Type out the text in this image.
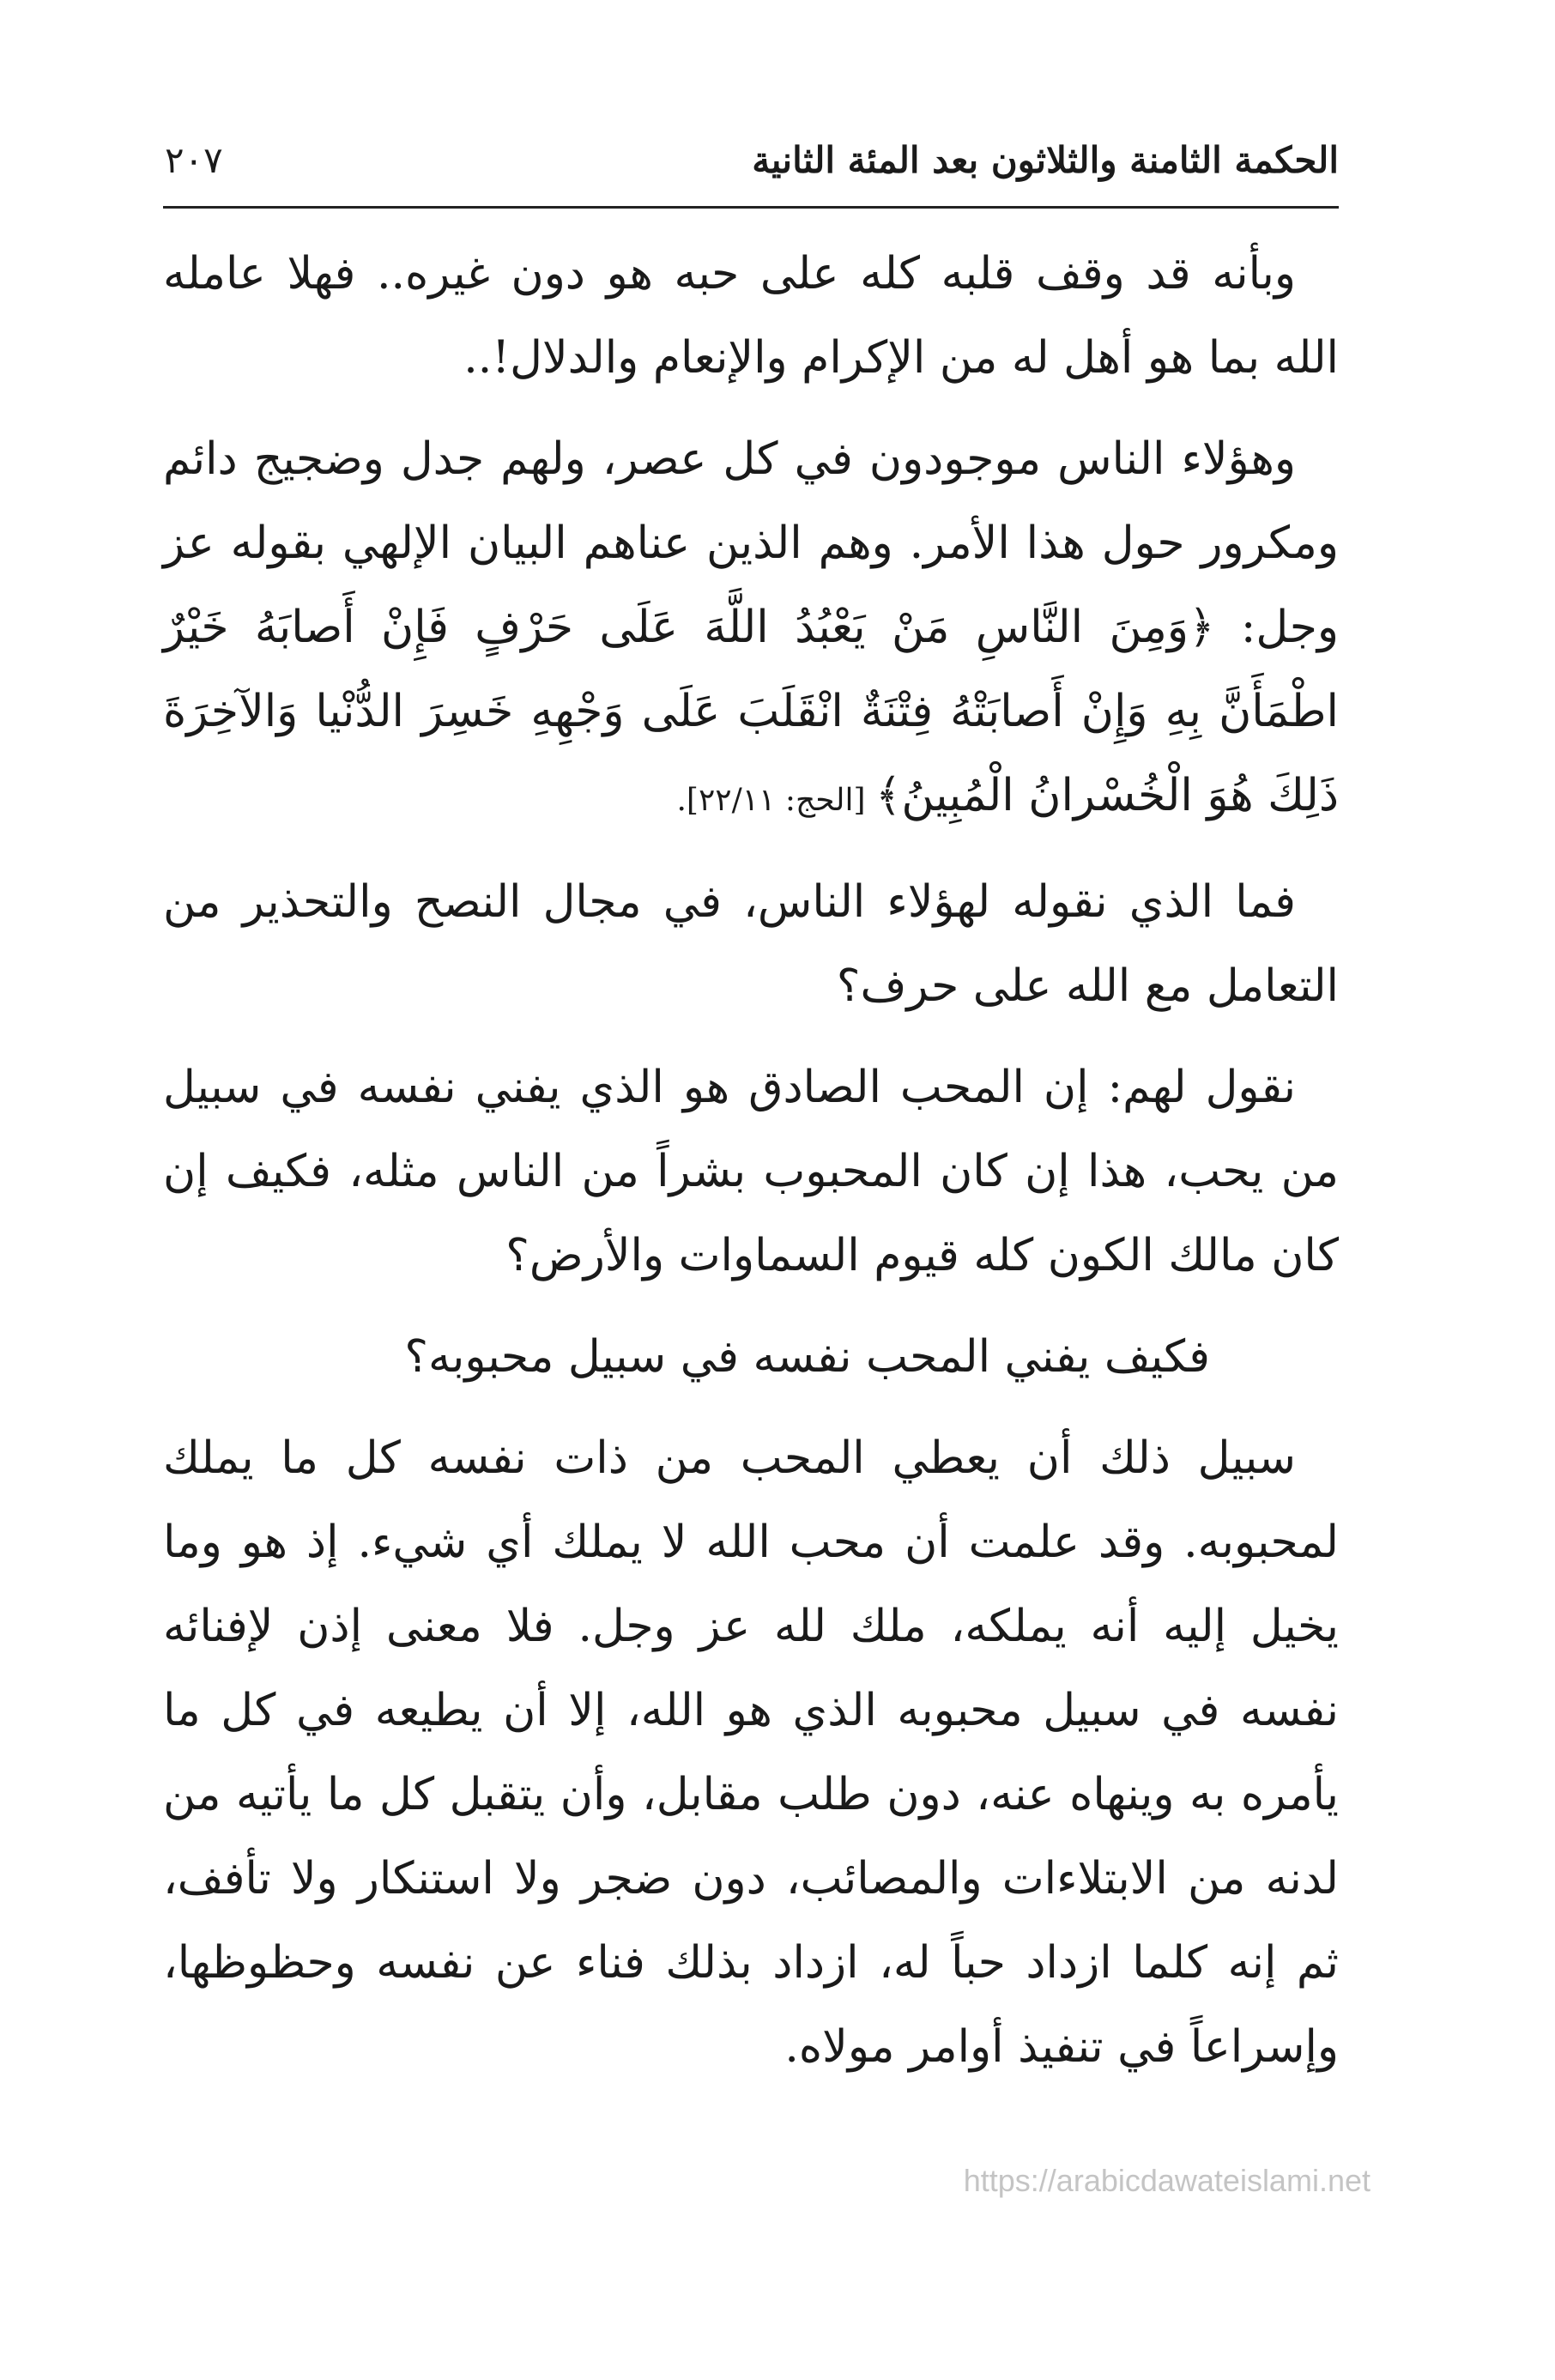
الحكمة الثامنة والثلاثون بعد المئة الثانية
٢٠٧

وبأنه قد وقف قلبه كله على حبه هو دون غيره.. فهلا عامله الله بما هو أهل له من الإكرام والإنعام والدلال!..

وهؤلاء الناس موجودون في كل عصر، ولهم جدل وضجيج دائم ومكرور حول هذا الأمر. وهم الذين عناهم البيان الإلهي بقوله عز وجل: ﴿وَمِنَ النَّاسِ مَنْ يَعْبُدُ اللَّهَ عَلَى حَرْفٍ فَإِنْ أَصابَهُ خَيْرٌ اطْمَأَنَّ بِهِ وَإِنْ أَصابَتْهُ فِتْنَةٌ انْقَلَبَ عَلَى وَجْهِهِ خَسِرَ الدُّنْيا وَالآخِرَةَ ذَلِكَ هُوَ الْخُسْرانُ الْمُبِينُ﴾ [الحج: ٢٢/١١].

فما الذي نقوله لهؤلاء الناس، في مجال النصح والتحذير من التعامل مع الله على حرف؟

نقول لهم: إن المحب الصادق هو الذي يفني نفسه في سبيل من يحب، هذا إن كان المحبوب بشراً من الناس مثله، فكيف إن كان مالك الكون كله قيوم السماوات والأرض؟

فكيف يفني المحب نفسه في سبيل محبوبه؟

سبيل ذلك أن يعطي المحب من ذات نفسه كل ما يملك لمحبوبه. وقد علمت أن محب الله لا يملك أي شيء. إذ هو وما يخيل إليه أنه يملكه، ملك لله عز وجل. فلا معنى إذن لإفنائه نفسه في سبيل محبوبه الذي هو الله، إلا أن يطيعه في كل ما يأمره به وينهاه عنه، دون طلب مقابل، وأن يتقبل كل ما يأتيه من لدنه من الابتلاءات والمصائب، دون ضجر ولا استنكار ولا تأفف، ثم إنه كلما ازداد حباً له، ازداد بذلك فناء عن نفسه وحظوظها، وإسراعاً في تنفيذ أوامر مولاه.

https://arabicdawateislami.net
